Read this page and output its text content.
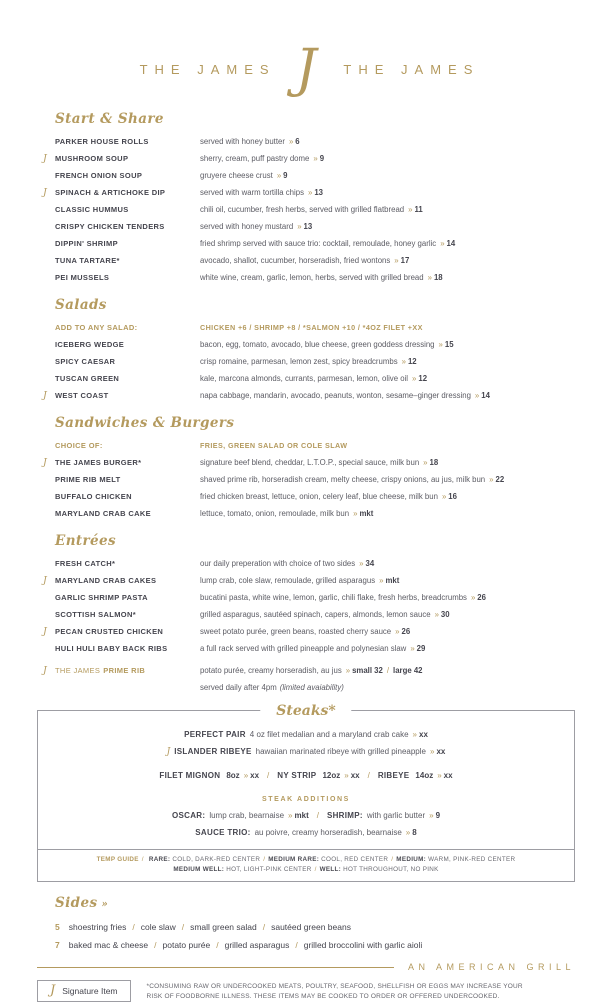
THE JAMES J	THE JAMES
Start & Share
PARKER HOUSE ROLLS	served with honey butter » 6
J MUSHROOM SOUP	sherry, cream, puff pastry dome » 9
FRENCH ONION SOUP	gruyere cheese crust » 9
J SPINACH & ARTICHOKE DIP	served with warm tortilla chips » 13
CLASSIC HUMMUS	chili oil, cucumber, fresh herbs, served with grilled flatbread » 11
CRISPY CHICKEN TENDERS	served with honey mustard » 13
DIPPIN' SHRIMP	fried shrimp served with sauce trio: cocktail, remoulade, honey garlic » 14
TUNA TARTARE*	avocado, shallot, cucumber, horseradish, fried wontons » 17
PEI MUSSELS	white wine, cream, garlic, lemon, herbs, served with grilled bread » 18
Salads
ADD TO ANY SALAD:	CHICKEN +6 / SHRIMP +8 / *SALMON +10 / *4OZ FILET +XX
ICEBERG WEDGE	bacon, egg, tomato, avocado, blue cheese, green goddess dressing » 15
SPICY CAESAR	crisp romaine, parmesan, lemon zest, spicy breadcrumbs » 12
TUSCAN GREEN	kale, marcona almonds, currants, parmesan, lemon, olive oil » 12
J WEST COAST	napa cabbage, mandarin, avocado, peanuts, wonton, sesame–ginger dressing » 14
Sandwiches & Burgers
CHOICE OF:	FRIES, GREEN SALAD OR COLE SLAW
J THE JAMES BURGER*	signature beef blend, cheddar, L.T.O.P., special sauce, milk bun » 18
PRIME RIB MELT	shaved prime rib, horseradish cream, melty cheese, crispy onions, au jus, milk bun » 22
BUFFALO CHICKEN	fried chicken breast, lettuce, onion, celery leaf, blue cheese, milk bun » 16
MARYLAND CRAB CAKE	lettuce, tomato, onion, remoulade, milk bun » mkt
Entrées
FRESH CATCH*	our daily preperation with choice of two sides » 34
J MARYLAND CRAB CAKES	lump crab, cole slaw, remoulade, grilled asparagus » mkt
GARLIC SHRIMP PASTA	bucatini pasta, white wine, lemon, garlic, chili flake, fresh herbs, breadcrumbs » 26
SCOTTISH SALMON*	grilled asparagus, sautéed spinach, capers, almonds, lemon sauce » 30
J PECAN CRUSTED CHICKEN	sweet potato purée, green beans, roasted cherry sauce » 26
HULI HULI BABY BACK RIBS	a full rack served with grilled pineapple and polynesian slaw » 29
J THE JAMES PRIME RIB	potato purée, creamy horseradish, au jus » small 32 / large 42
served daily after 4pm (limited avaiability)
Steaks*
PERFECT PAIR 4 oz filet medalian and a maryland crab cake » xx
J ISLANDER RIBEYE hawaiian marinated ribeye with grilled pineapple » xx
FILET MIGNON 8oz » xx / NY STRIP 12oz » xx / RIBEYE 14oz » xx
STEAK ADDITIONS
OSCAR: lump crab, bearnaise » mkt / SHRIMP: with garlic butter » 9
SAUCE TRIO: au poivre, creamy horseradish, bearnaise » 8
TEMP GUIDE / RARE: COLD, DARK-RED CENTER / MEDIUM RARE: COOL, RED CENTER / MEDIUM: WARM, PINK-RED CENTER
MEDIUM WELL: HOT, LIGHT-PINK CENTER / WELL: HOT THROUGHOUT, NO PINK
Sides »
5 shoestring fries / cole slaw / small green salad / sautéed green beans
7 baked mac & cheese / potato purée / grilled asparagus / grilled broccolini with garlic aioli
AN AMERICAN GRILL
J Signature Item	*CONSUMING RAW OR UNDERCOOKED MEATS, POULTRY, SEAFOOD, SHELLFISH OR EGGS MAY INCREASE YOUR
RISK OF FOODBORNE ILLNESS. THESE ITEMS MAY BE COOKED TO ORDER OR OFFERED UNDERCOOKED.
